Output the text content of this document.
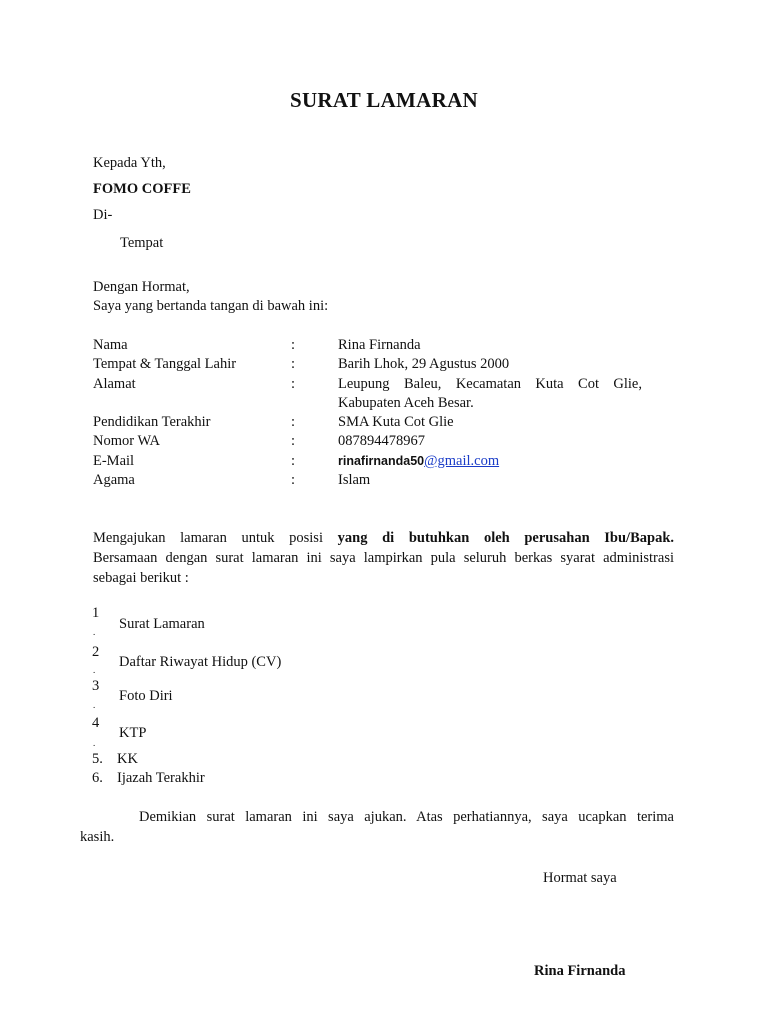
SURAT LAMARAN
Kepada Yth,
FOMO COFFE
Di-
Tempat
Dengan Hormat,
Saya yang bertanda tangan di bawah ini:
Nama	:	Rina Firnanda
Tempat & Tanggal Lahir	:	Barih Lhok, 29 Agustus 2000
Alamat	:	Leupung Baleu, Kecamatan Kuta Cot Glie,
Kabupaten Aceh Besar.
Pendidikan Terakhir	:	SMA Kuta Cot Glie
Nomor WA	:	087894478967
E-Mail	:	rinafirnanda50@gmail.com
Agama	:	Islam
Mengajukan lamaran untuk posisi yang di butuhkan oleh perusahan Ibu/Bapak.
Bersamaan dengan surat lamaran ini saya lampirkan pula seluruh berkas syarat administrasi
sebagai berikut :
1
. Surat Lamaran
2
. Daftar Riwayat Hidup (CV)
3
.
Foto Diri
4
.
KTP
5. KK
6. Ijazah Terakhir
Demikian surat lamaran ini saya ajukan. Atas perhatiannya, saya ucapkan terima
kasih.
Hormat saya
Rina Firnanda
